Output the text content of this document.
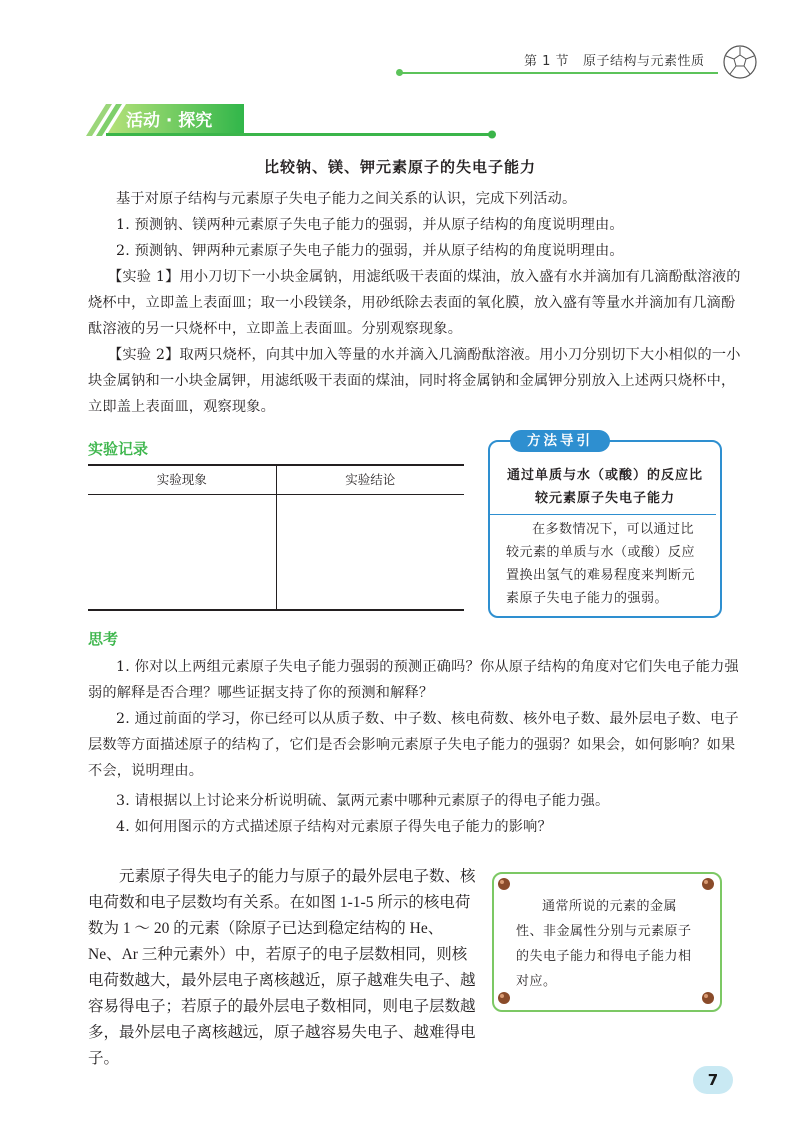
第 1 节 原子结构与元素性质
活动 · 探究
比较钠、镁、钾元素原子的失电子能力
基于对原子结构与元素原子失电子能力之间关系的认识，完成下列活动。
1. 预测钠、镁两种元素原子失电子能力的强弱，并从原子结构的角度说明理由。
2. 预测钠、钾两种元素原子失电子能力的强弱，并从原子结构的角度说明理由。
【实验 1】用小刀切下一小块金属钠，用滤纸吸干表面的煤油，放入盛有水并滴加有几滴酚酞溶液的烧杯中，立即盖上表面皿；取一小段镁条，用砂纸除去表面的氧化膜，放入盛有等量水并滴加有几滴酚酞溶液的另一只烧杯中，立即盖上表面皿。分别观察现象。
【实验 2】取两只烧杯，向其中加入等量的水并滴入几滴酚酞溶液。用小刀分别切下大小相似的一小块金属钠和一小块金属钾，用滤纸吸干表面的煤油，同时将金属钠和金属钾分别放入上述两只烧杯中，立即盖上表面皿，观察现象。
实验记录
实验现象	实验结论
方法导引
通过单质与水（或酸）的反应比较元素原子失电子能力
在多数情况下，可以通过比较元素的单质与水（或酸）反应置换出氢气的难易程度来判断元素原子失电子能力的强弱。
思考
1. 你对以上两组元素原子失电子能力强弱的预测正确吗？你从原子结构的角度对它们失电子能力强弱的解释是否合理？哪些证据支持了你的预测和解释？
2. 通过前面的学习，你已经可以从质子数、中子数、核电荷数、核外电子数、最外层电子数、电子层数等方面描述原子的结构了，它们是否会影响元素原子失电子能力的强弱？如果会，如何影响？如果不会，说明理由。
3. 请根据以上讨论来分析说明硫、氯两元素中哪种元素原子的得电子能力强。
4. 如何用图示的方式描述原子结构对元素原子得失电子能力的影响？
元素原子得失电子的能力与原子的最外层电子数、核电荷数和电子层数均有关系。在如图 1-1-5 所示的核电荷数为 1 ～ 20 的元素（除原子已达到稳定结构的 He、Ne、Ar 三种元素外）中，若原子的电子层数相同，则核电荷数越大，最外层电子离核越近，原子越难失电子、越容易得电子；若原子的最外层电子数相同，则电子层数越多，最外层电子离核越远，原子越容易失电子、越难得电子。
通常所说的元素的金属性、非金属性分别与元素原子的失电子能力和得电子能力相对应。
7
